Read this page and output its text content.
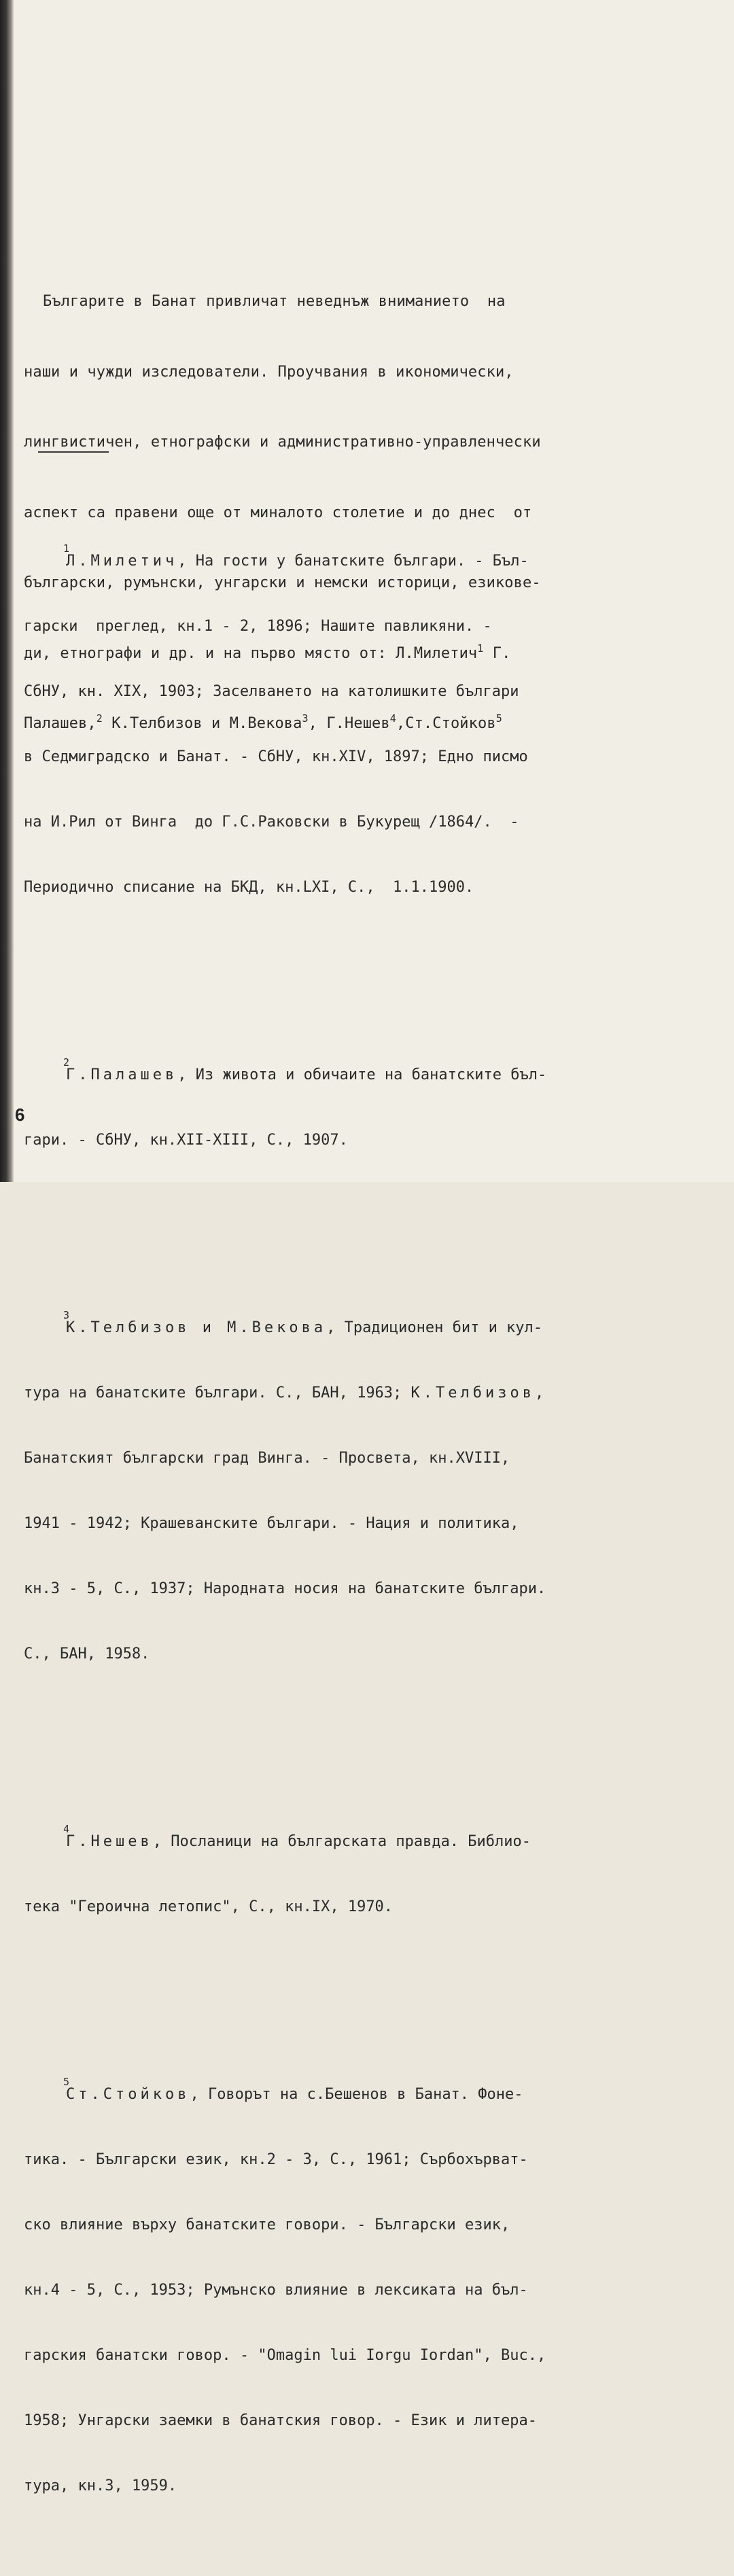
Българите в Банат привличат неведнъж вниманието  на

наши и чужди изследователи. Проучвания в икономически,

лингвистичен, етнографски и административно-управленчески

аспект са правени още от миналото столетие и до днес  от

български, румънски, унгарски и немски историци, езикове-

ди, етнографи и др. и на първо място от: Л.Милетич$^1$ Г.

Палашев,$^2$ К.Телбизов и М.Векова$^3$, Г.Нешев$^4$,Ст.Стойков$^5$

1
Л.Милетич, На гости у банатските българи. - Бъл-

гарски  преглед, кн.1 - 2, 1896; Нашите павликяни. -

СбНУ, кн. XIX, 1903; Заселването на католишките българи

в Седмиградско и Банат. - СбНУ, кн.XIV, 1897; Едно писмо

на И.Рил от Винга  до Г.С.Раковски в Букурещ /1864/.  -

Периодично списание на БКД, кн.LXI, С.,  1.1.1900.

2
Г.Палашев, Из живота и обичаите на банатските бъл-

гари. - СбНУ, кн.XII-XIII, С., 1907.

3
К.Телбизов и М.Векова, Традиционен бит и кул-

тура на банатските българи. С., БАН, 1963; К.Телбизов,

Банатският български град Винга. - Просвета, кн.XVIII,

1941 - 1942; Крашеванските българи. - Нация и политика,

кн.3 - 5, С., 1937; Народната носия на банатските българи.

С., БАН, 1958.

4
Г.Нешев, Посланици на българската правда. Библио-

тека "Героична летопис", С., кн.IX, 1970.

5
Ст.Стойков, Говорът на с.Бешенов в Банат. Фоне-

тика. - Български език, кн.2 - 3, С., 1961; Сърбохърват-

ско влияние върху банатските говори. - Български език,

кн.4 - 5, С., 1953; Румънско влияние в лексиката на бъл-

гарския банатски говор. - "Omagin lui Iorgu Iordan", Buc.,

1958; Унгарски заемки в банатския говор. - Език и литера-

тура, кн.3, 1959.

6
